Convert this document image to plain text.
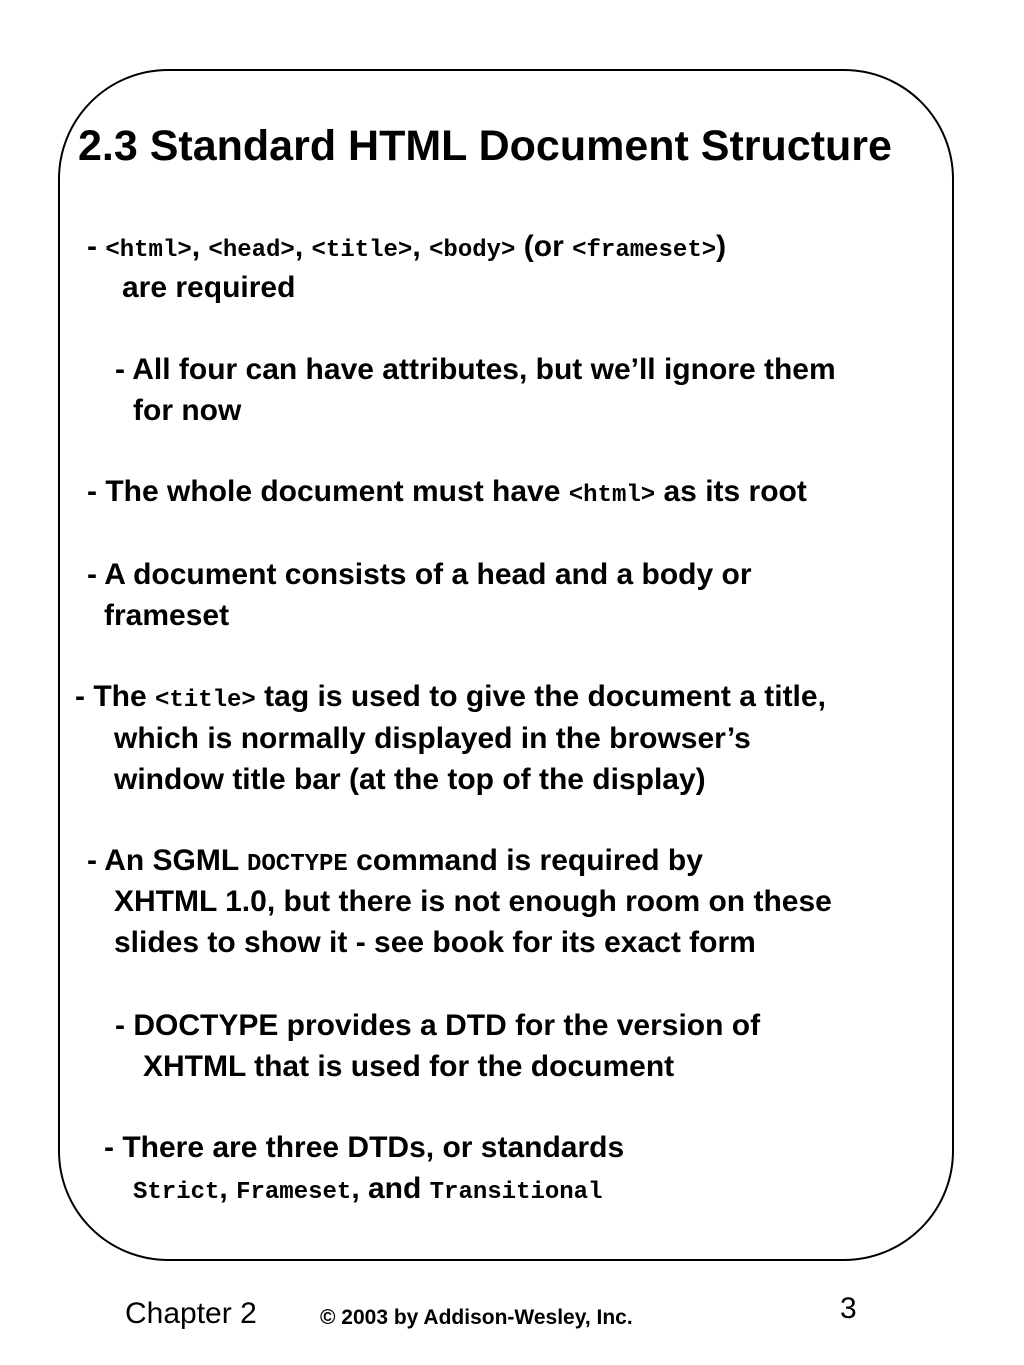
2.3 Standard HTML Document Structure

- <html>, <head>, <title>, <body> (or <frameset>)

are required

- All four can have attributes, but we’ll ignore them

for now

- The whole document must have <html> as its root

- A document consists of a head and a body or

frameset

- The <title> tag is used to give the document a title,

which is normally displayed in the browser’s

window title bar (at the top of the display)

- An SGML DOCTYPE command is required by

XHTML 1.0, but there is not enough room on these

slides to show it - see book for its exact form

- DOCTYPE provides a DTD for the version of

XHTML that is used for the document

- There are three DTDs, or standards

Strict, Frameset, and Transitional

Chapter 2	© 2003 by Addison-Wesley, Inc.	3
